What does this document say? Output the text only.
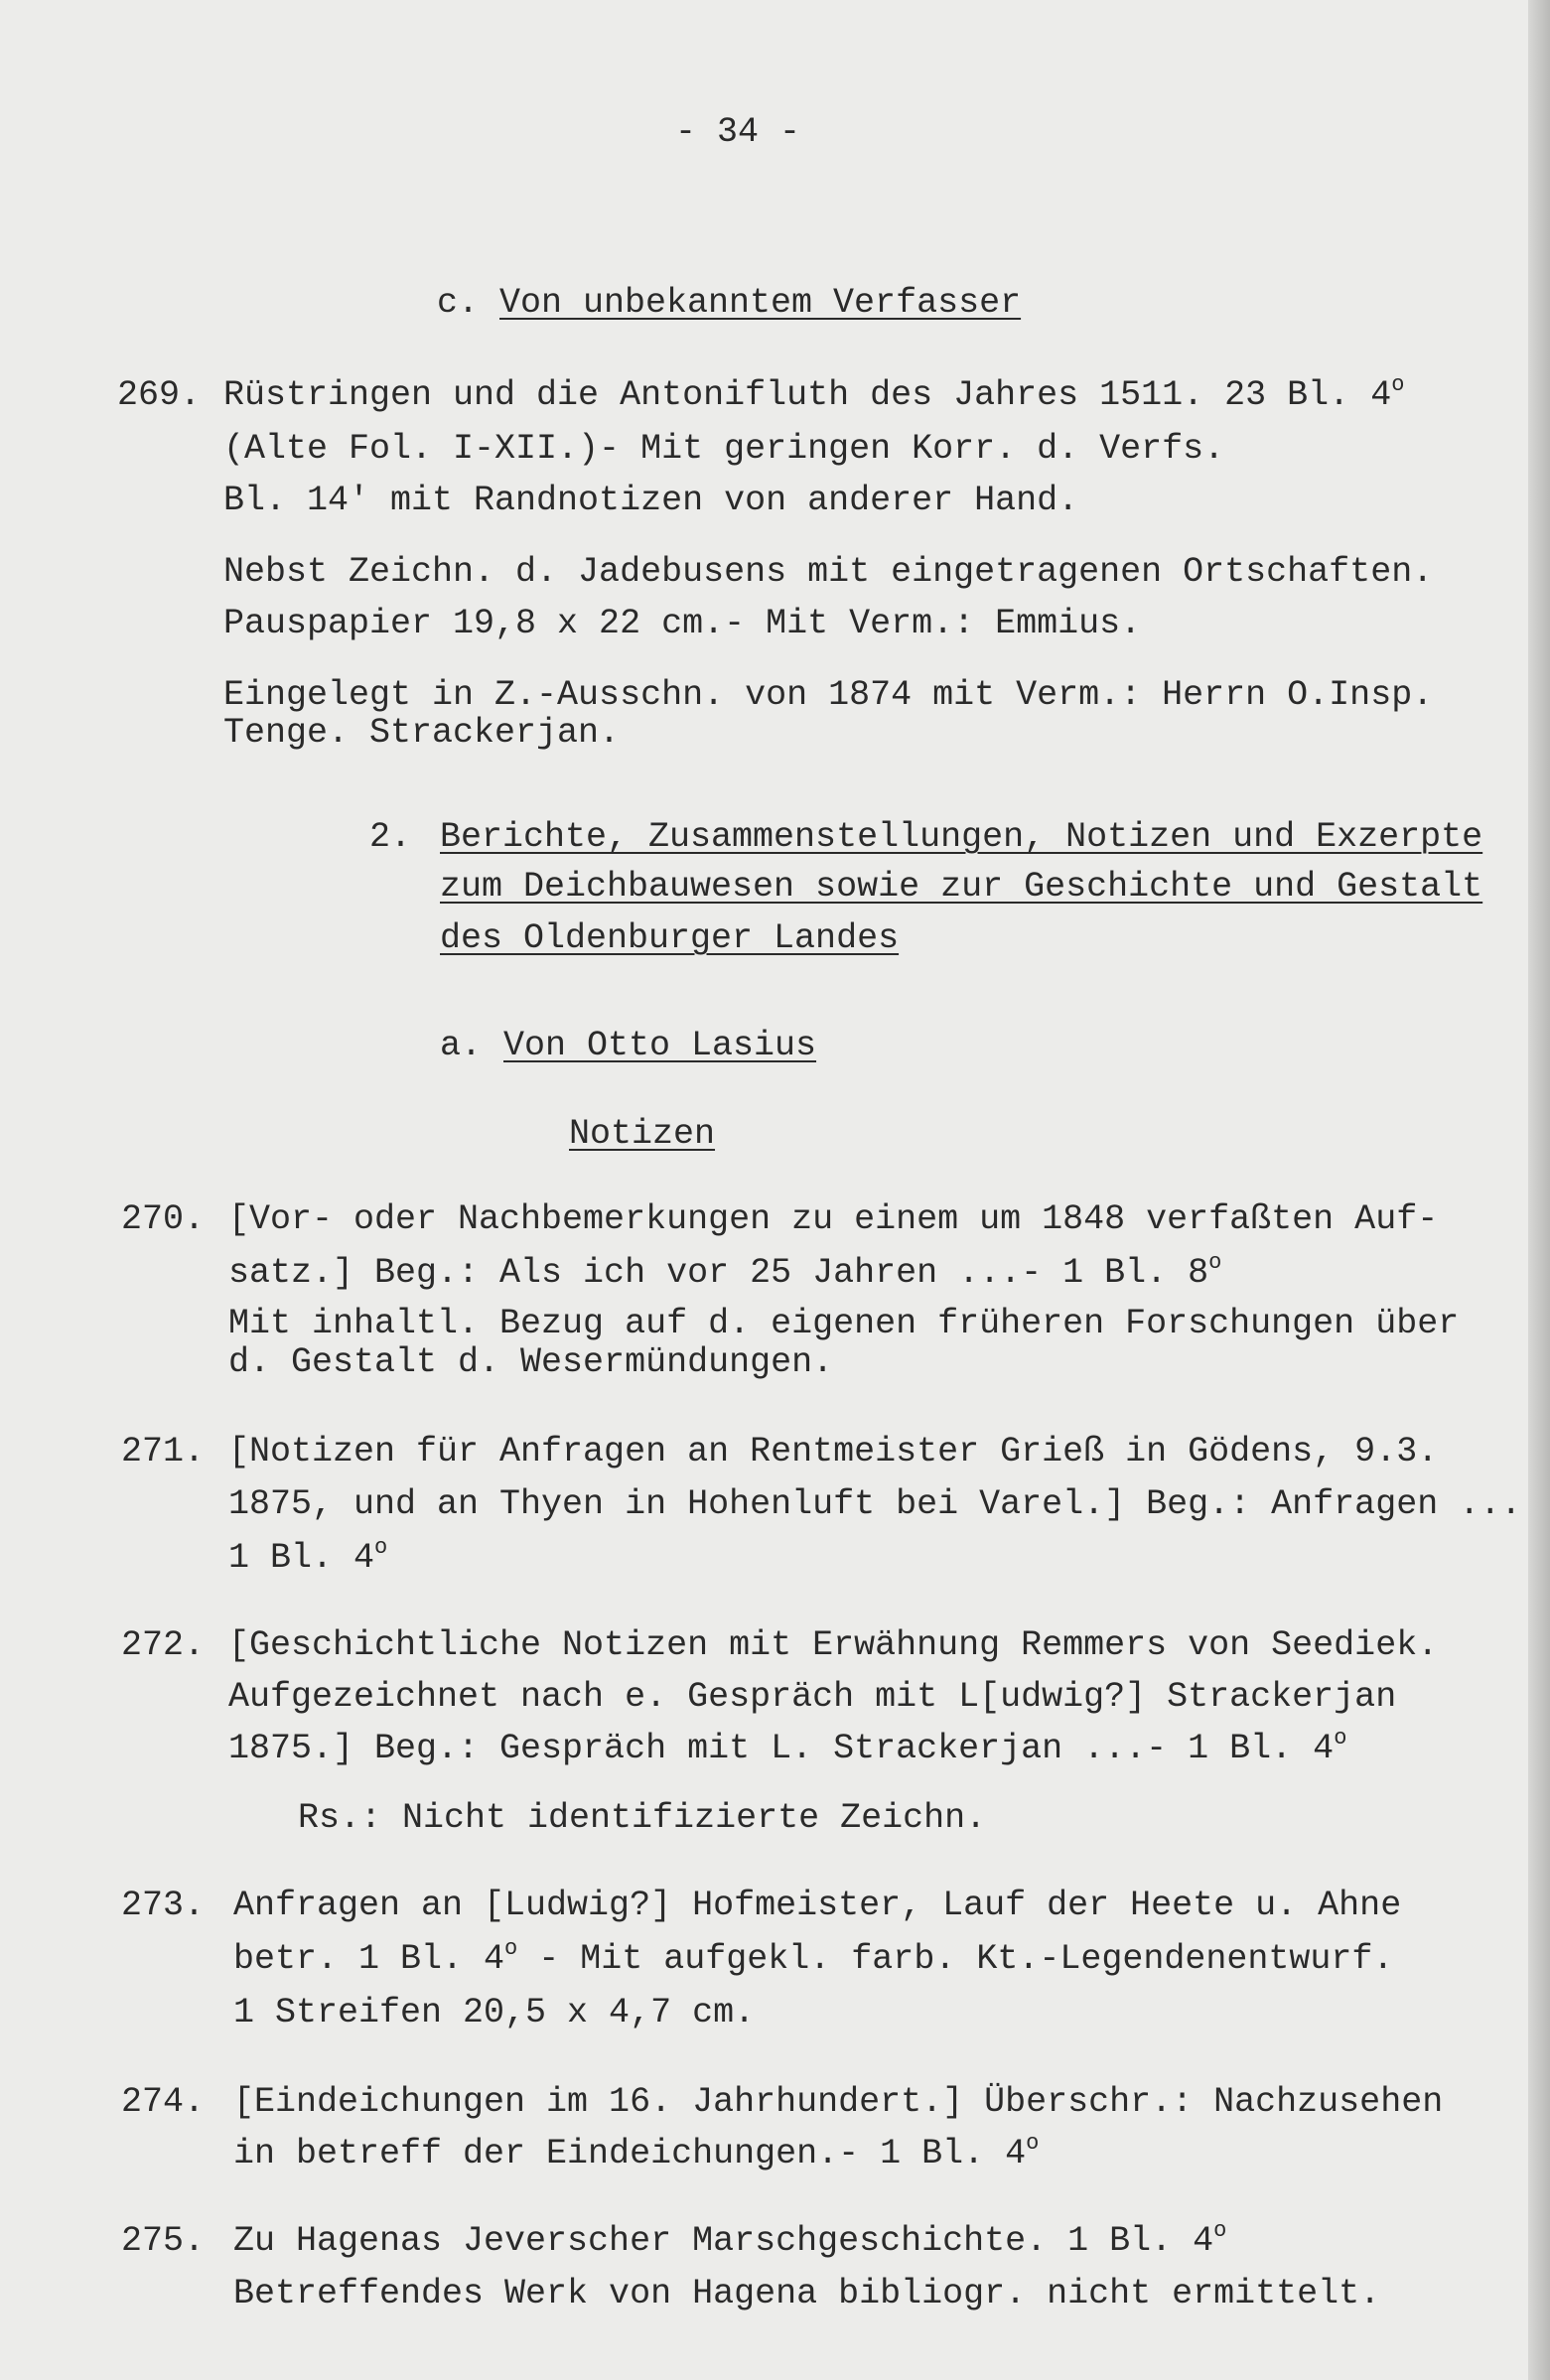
- 34 -
c. Von unbekanntem Verfasser
269. Rüstringen und die Antonifluth des Jahres 1511. 23 Bl. 4$^o$
(Alte Fol. I-XII.)- Mit geringen Korr. d. Verfs.
Bl. 14' mit Randnotizen von anderer Hand.
Nebst Zeichn. d. Jadebusens mit eingetragenen Ortschaften.
Pauspapier 19,8 x 22 cm.- Mit Verm.: Emmius.
Eingelegt in Z.-Ausschn. von 1874 mit Verm.: Herrn O.Insp.
Tenge. Strackerjan.
2. Berichte, Zusammenstellungen, Notizen und Exzerpte
zum Deichbauwesen sowie zur Geschichte und Gestalt
des Oldenburger Landes
a. Von Otto Lasius
Notizen
270. [Vor- oder Nachbemerkungen zu einem um 1848 verfaßten Auf-
satz.] Beg.: Als ich vor 25 Jahren ...- 1 Bl. 8$^o$
Mit inhaltl. Bezug auf d. eigenen früheren Forschungen über
d. Gestalt d. Wesermündungen.
271. [Notizen für Anfragen an Rentmeister Grieß in Gödens, 9.3.
1875, und an Thyen in Hohenluft bei Varel.] Beg.: Anfragen ...
1 Bl. 4$^o$
272. [Geschichtliche Notizen mit Erwähnung Remmers von Seediek.
Aufgezeichnet nach e. Gespräch mit L[udwig?] Strackerjan
1875.] Beg.: Gespräch mit L. Strackerjan ...- 1 Bl. 4$^o$
Rs.: Nicht identifizierte Zeichn.
273. Anfragen an [Ludwig?] Hofmeister, Lauf der Heete u. Ahne
betr. 1 Bl. 4$^o$ - Mit aufgekl. farb. Kt.-Legendenentwurf.
1 Streifen 20,5 x 4,7 cm.
274. [Eindeichungen im 16. Jahrhundert.] Überschr.: Nachzusehen
in betreff der Eindeichungen.- 1 Bl. 4$^o$
275. Zu Hagenas Jeverscher Marschgeschichte. 1 Bl. 4$^o$
Betreffendes Werk von Hagena bibliogr. nicht ermittelt.
